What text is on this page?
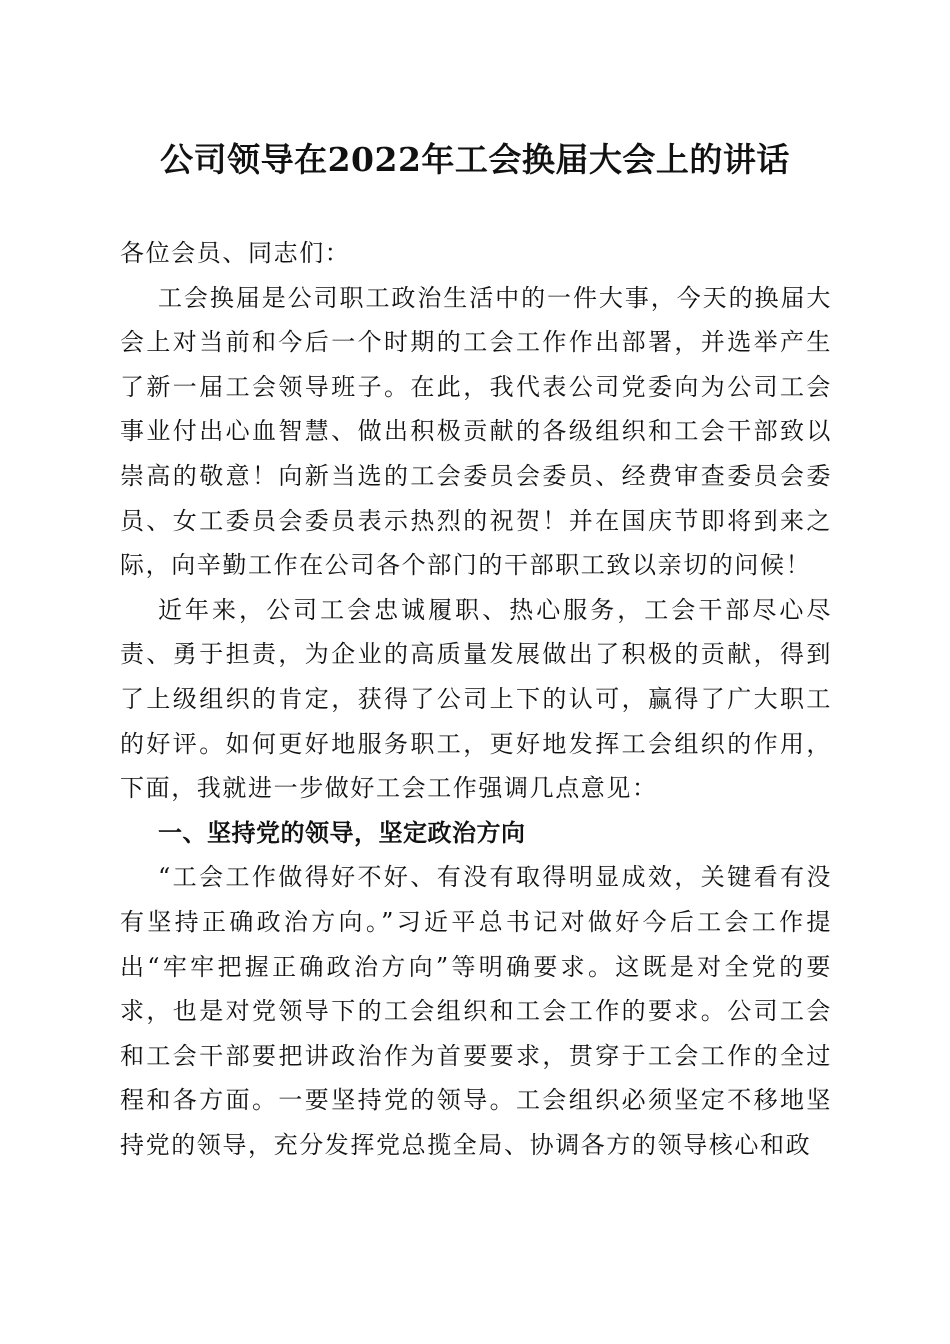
公司领导在2022年工会换届大会上的讲话

各位会员、同志们：

工会换届是公司职工政治生活中的一件大事，今天的换届大会上对当前和今后一个时期的工会工作作出部署，并选举产生了新一届工会领导班子。在此，我代表公司党委向为公司工会事业付出心血智慧、做出积极贡献的各级组织和工会干部致以崇高的敬意！向新当选的工会委员会委员、经费审查委员会委员、女工委员会委员表示热烈的祝贺！并在国庆节即将到来之际，向辛勤工作在公司各个部门的干部职工致以亲切的问候！

近年来，公司工会忠诚履职、热心服务，工会干部尽心尽责、勇于担责，为企业的高质量发展做出了积极的贡献，得到了上级组织的肯定，获得了公司上下的认可，赢得了广大职工的好评。如何更好地服务职工，更好地发挥工会组织的作用，下面，我就进一步做好工会工作强调几点意见：

一、坚持党的领导，坚定政治方向

“工会工作做得好不好、有没有取得明显成效，关键看有没有坚持正确政治方向。”习近平总书记对做好今后工会工作提出“牢牢把握正确政治方向”等明确要求。这既是对全党的要求，也是对党领导下的工会组织和工会工作的要求。公司工会和工会干部要把讲政治作为首要要求，贯穿于工会工作的全过程和各方面。一要坚持党的领导。工会组织必须坚定不移地坚持党的领导，充分发挥党总揽全局、协调各方的领导核心和政
